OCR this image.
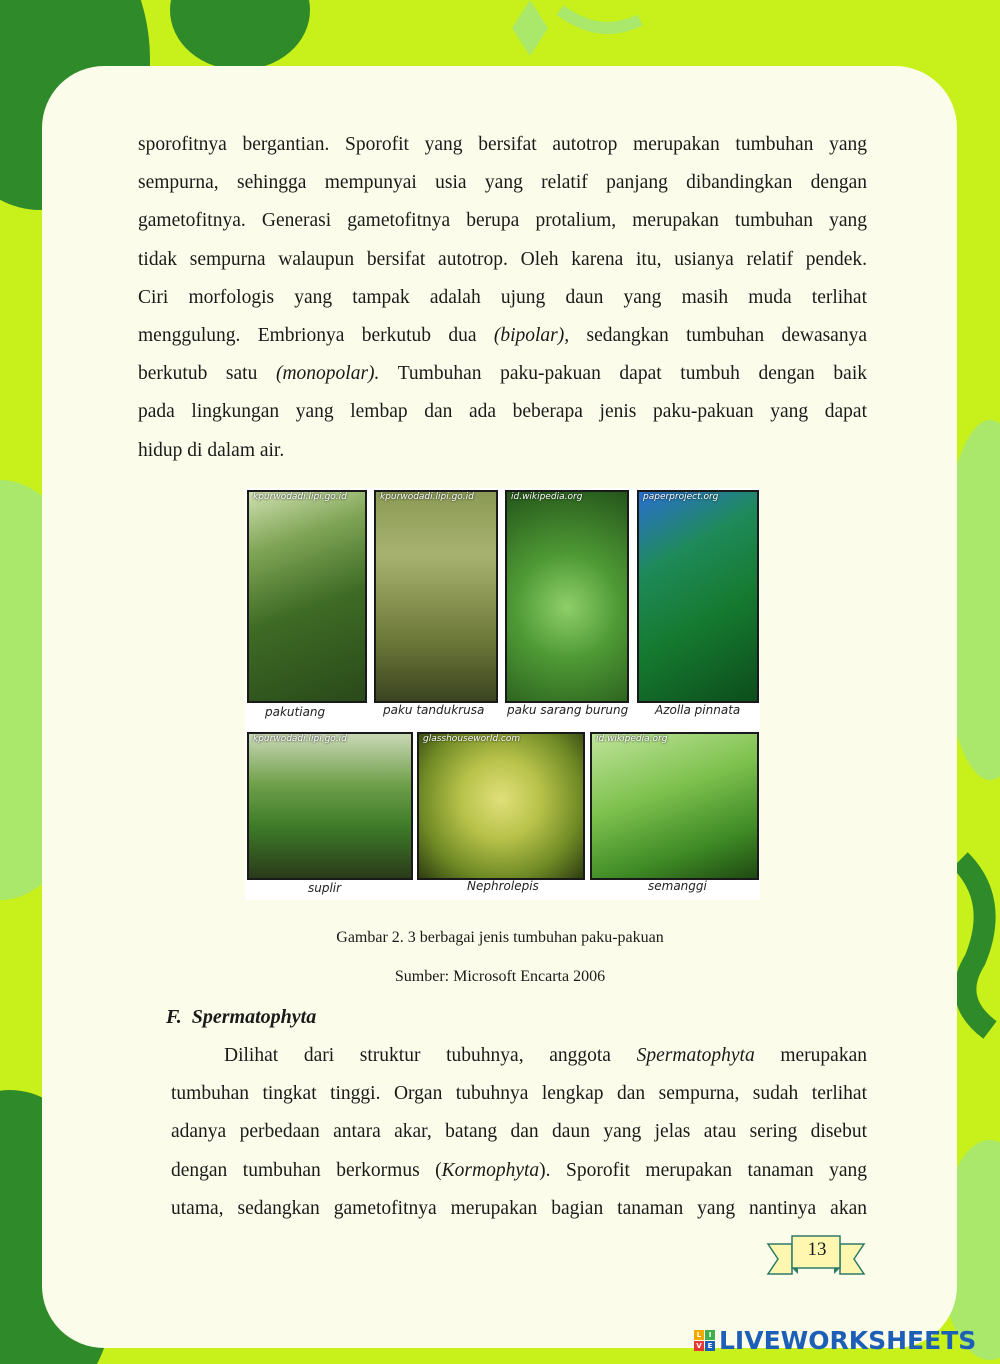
sporofitnya bergantian. Sporofit yang bersifat autotrop merupakan tumbuhan yang

sempurna, sehingga mempunyai usia yang relatif panjang dibandingkan dengan

gametofitnya. Generasi gametofitnya berupa protalium, merupakan tumbuhan yang

tidak sempurna walaupun bersifat autotrop. Oleh karena itu, usianya relatif pendek.

Ciri morfologis yang tampak adalah ujung daun yang masih muda terlihat

menggulung. Embrionya berkutub dua (bipolar), sedangkan tumbuhan dewasanya

berkutub satu (monopolar). Tumbuhan paku-pakuan dapat tumbuh dengan baik

pada lingkungan yang lembap dan ada beberapa jenis paku-pakuan yang dapat

hidup di dalam air.

kpurwodadi.lipi.go.id	kpurwodadi.lipi.go.id	id.wikipedia.org	paperproject.org
pakutiang	paku tandukrusa paku sarang burung Azolla pinnata
kpurwodadi.lipi.go.id	glasshouseworld.com	id.wikipedia.org
suplir	Nephrolepis	semanggi
Gambar 2. 3 berbagai jenis tumbuhan paku-pakuan
Sumber: Microsoft Encarta 2006
F.  Spermatophyta

Dilihat dari struktur tubuhnya, anggota Spermatophyta merupakan

tumbuhan tingkat tinggi. Organ tubuhnya lengkap dan sempurna, sudah terlihat

adanya perbedaan antara akar, batang dan daun yang jelas atau sering disebut

dengan tumbuhan berkormus (Kormophyta). Sporofit merupakan tanaman yang

utama, sedangkan gametofitnya merupakan bagian tanaman yang nantinya akan

13
L	I
V E LIVEWORKSHEETS
